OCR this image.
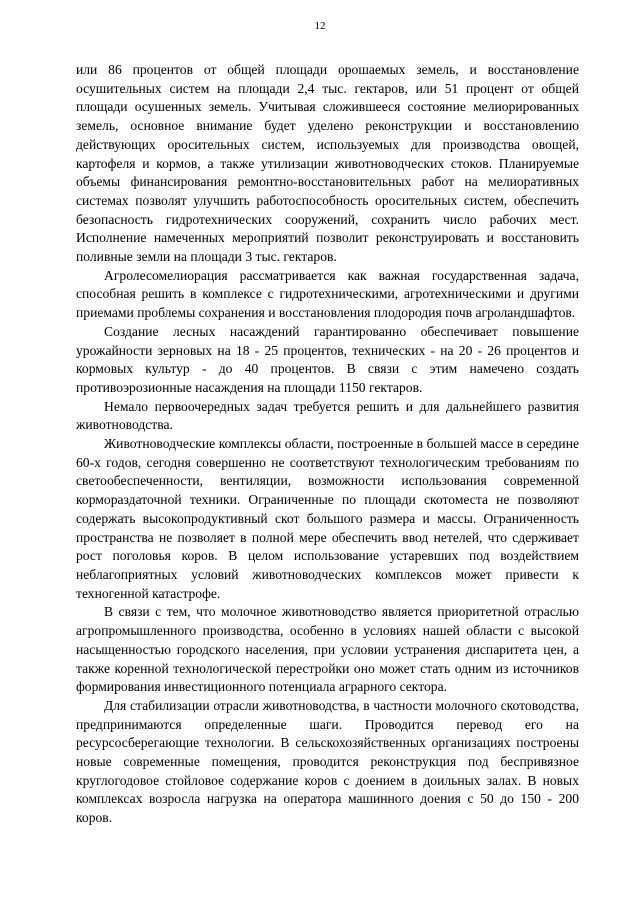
12

или 86 процентов от общей площади орошаемых земель, и восстановление осушительных систем на площади 2,4 тыс. гектаров, или 51 процент от общей площади осушенных земель. Учитывая сложившееся состояние мелиорированных земель, основное внимание будет уделено реконструкции и восстановлению действующих оросительных систем, используемых для производства овощей, картофеля и кормов, а также утилизации животноводческих стоков. Планируемые объемы финансирования ремонтно-восстановительных работ на мелиоративных системах позволят улучшить работоспособность оросительных систем, обеспечить безопасность гидротехнических сооружений, сохранить число рабочих мест. Исполнение намеченных мероприятий позволит реконструировать и восстановить поливные земли на площади 3 тыс. гектаров.

Агролесомелиорация рассматривается как важная государственная задача, способная решить в комплексе с гидротехническими, агротехническими и другими приемами проблемы сохранения и восстановления плодородия почв агроландшафтов.

Создание лесных насаждений гарантированно обеспечивает повышение урожайности зерновых на 18 - 25 процентов, технических - на 20 - 26 процентов и кормовых культур - до 40 процентов. В связи с этим намечено создать противоэрозионные насаждения на площади 1150 гектаров.

Немало первоочередных задач требуется решить и для дальнейшего развития животноводства.

Животноводческие комплексы области, построенные в большей массе в середине 60-х годов, сегодня совершенно не соответствуют технологическим требованиям по светообеспеченности, вентиляции, возможности использования современной кормораздаточной техники. Ограниченные по площади скотоместа не позволяют содержать высокопродуктивный скот большого размера и массы. Ограниченность пространства не позволяет в полной мере обеспечить ввод нетелей, что сдерживает рост поголовья коров. В целом использование устаревших под воздействием неблагоприятных условий животноводческих комплексов может привести к техногенной катастрофе.

В связи с тем, что молочное животноводство является приоритетной отраслью агропромышленного производства, особенно в условиях нашей области с высокой насыщенностью городского населения, при условии устранения диспаритета цен, а также коренной технологической перестройки оно может стать одним из источников формирования инвестиционного потенциала аграрного сектора.

Для стабилизации отрасли животноводства, в частности молочного скотоводства, предпринимаются определенные шаги. Проводится перевод его на ресурсосберегающие технологии. В сельскохозяйственных организациях построены новые современные помещения, проводится реконструкция под беспривязное круглогодовое стойловое содержание коров с доением в доильных залах. В новых комплексах возросла нагрузка на оператора машинного доения с 50 до 150 - 200 коров.
